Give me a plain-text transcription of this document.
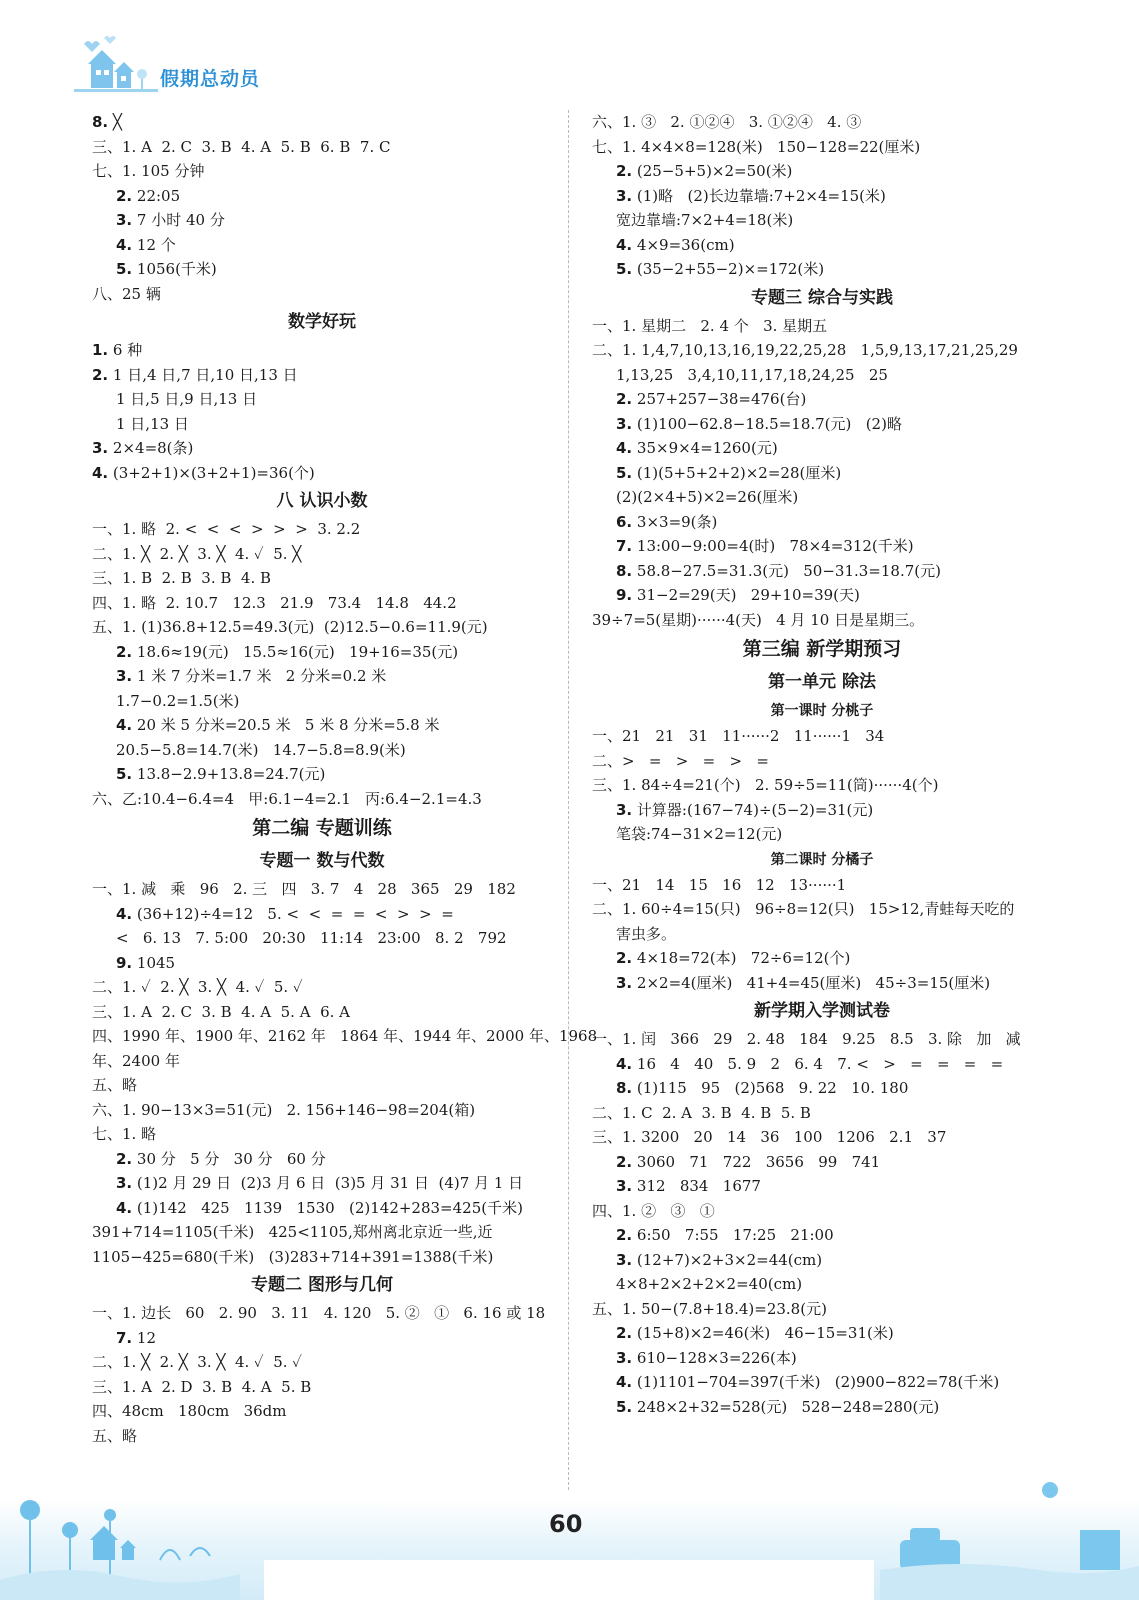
假期总动员
8. ╳
三、1. A  2. C  3. B  4. A  5. B  6. B  7. C
七、1. 105 分钟
2. 22:05
3. 7 小时 40 分
4. 12 个
5. 1056(千米)
八、25 辆
数学好玩
1. 6 种
2. 1 日,4 日,7 日,10 日,13 日
1 日,5 日,9 日,13 日
1 日,13 日
3. 2×4=8(条)
4. (3+2+1)×(3+2+1)=36(个)
八 认识小数
一、1. 略  2. <  <  <  >  >  >  3. 2.2
二、1. ╳  2. ╳  3. ╳  4. ✓  5. ╳
三、1. B  2. B  3. B  4. B
四、1. 略  2. 10.7   12.3   21.9   73.4   14.8   44.2
五、1. (1)36.8+12.5=49.3(元)  (2)12.5−0.6=11.9(元)
2. 18.6≈19(元)   15.5≈16(元)   19+16=35(元)
3. 1 米 7 分米=1.7 米   2 分米=0.2 米
1.7−0.2=1.5(米)
4. 20 米 5 分米=20.5 米   5 米 8 分米=5.8 米
20.5−5.8=14.7(米)   14.7−5.8=8.9(米)
5. 13.8−2.9+13.8=24.7(元)
六、乙:10.4−6.4=4   甲:6.1−4=2.1   丙:6.4−2.1=4.3
第二编 专题训练
专题一 数与代数
一、1. 减   乘   96   2. 三   四   3. 7   4   28   365   29   182
4. (36+12)÷4=12   5. <  <  =  =  <  >  >  =
<   6. 13   7. 5:00   20:30   11:14   23:00   8. 2   792
9. 1045
二、1. ✓  2. ╳  3. ╳  4. ✓  5. ✓
三、1. A  2. C  3. B  4. A  5. A  6. A
四、1990 年、1900 年、2162 年   1864 年、1944 年、2000 年、1968
年、2400 年
五、略
六、1. 90−13×3=51(元)   2. 156+146−98=204(箱)
七、1. 略
2. 30 分   5 分   30 分   60 分
3. (1)2 月 29 日  (2)3 月 6 日  (3)5 月 31 日  (4)7 月 1 日
4. (1)142   425   1139   1530   (2)142+283=425(千米)
391+714=1105(千米)   425<1105,郑州离北京近一些,近
1105−425=680(千米)   (3)283+714+391=1388(千米)
专题二 图形与几何
一、1. 边长   60   2. 90   3. 11   4. 120   5. ②   ①   6. 16 或 18
7. 12
二、1. ╳  2. ╳  3. ╳  4. ✓  5. ✓
三、1. A  2. D  3. B  4. A  5. B
四、48cm   180cm   36dm
五、略
六、1. ③   2. ①②④   3. ①②④   4. ③
七、1. 4×4×8=128(米)   150−128=22(厘米)
2. (25−5+5)×2=50(米)
3. (1)略   (2)长边靠墙:7+2×4=15(米)
宽边靠墙:7×2+4=18(米)
4. 4×9=36(cm)
5. (35−2+55−2)×=172(米)
专题三 综合与实践
一、1. 星期二   2. 4 个   3. 星期五
二、1. 1,4,7,10,13,16,19,22,25,28   1,5,9,13,17,21,25,29
1,13,25   3,4,10,11,17,18,24,25   25
2. 257+257−38=476(台)
3. (1)100−62.8−18.5=18.7(元)   (2)略
4. 35×9×4=1260(元)
5. (1)(5+5+2+2)×2=28(厘米)
(2)(2×4+5)×2=26(厘米)
6. 3×3=9(条)
7. 13:00−9:00=4(时)   78×4=312(千米)
8. 58.8−27.5=31.3(元)   50−31.3=18.7(元)
9. 31−2=29(天)   29+10=39(天)
39÷7=5(星期)······4(天)   4 月 10 日是星期三。
第三编 新学期预习
第一单元 除法
第一课时 分桃子
一、21   21   31   11······2   11······1   34
二、>   =   >   =   >   =
三、1. 84÷4=21(个)   2. 59÷5=11(筒)······4(个)
3. 计算器:(167−74)÷(5−2)=31(元)
笔袋:74−31×2=12(元)
第二课时 分橘子
一、21   14   15   16   12   13······1
二、1. 60÷4=15(只)   96÷8=12(只)   15>12,青蛙每天吃的
害虫多。
2. 4×18=72(本)   72÷6=12(个)
3. 2×2=4(厘米)   41+4=45(厘米)   45÷3=15(厘米)
新学期入学测试卷
一、1. 闰   366   29   2. 48   184   9.25   8.5   3. 除   加   减
4. 16   4   40   5. 9   2   6. 4   7. <   >   =   =   =   =
8. (1)115   95   (2)568   9. 22   10. 180
二、1. C  2. A  3. B  4. B  5. B
三、1. 3200   20   14   36   100   1206   2.1   37
2. 3060   71   722   3656   99   741
3. 312   834   1677
四、1. ②   ③   ①
2. 6:50   7:55   17:25   21:00
3. (12+7)×2+3×2=44(cm)
4×8+2×2+2×2=40(cm)
五、1. 50−(7.8+18.4)=23.8(元)
2. (15+8)×2=46(米)   46−15=31(米)
3. 610−128×3=226(本)
4. (1)1101−704=397(千米)   (2)900−822=78(千米)
5. 248×2+32=528(元)   528−248=280(元)
60
